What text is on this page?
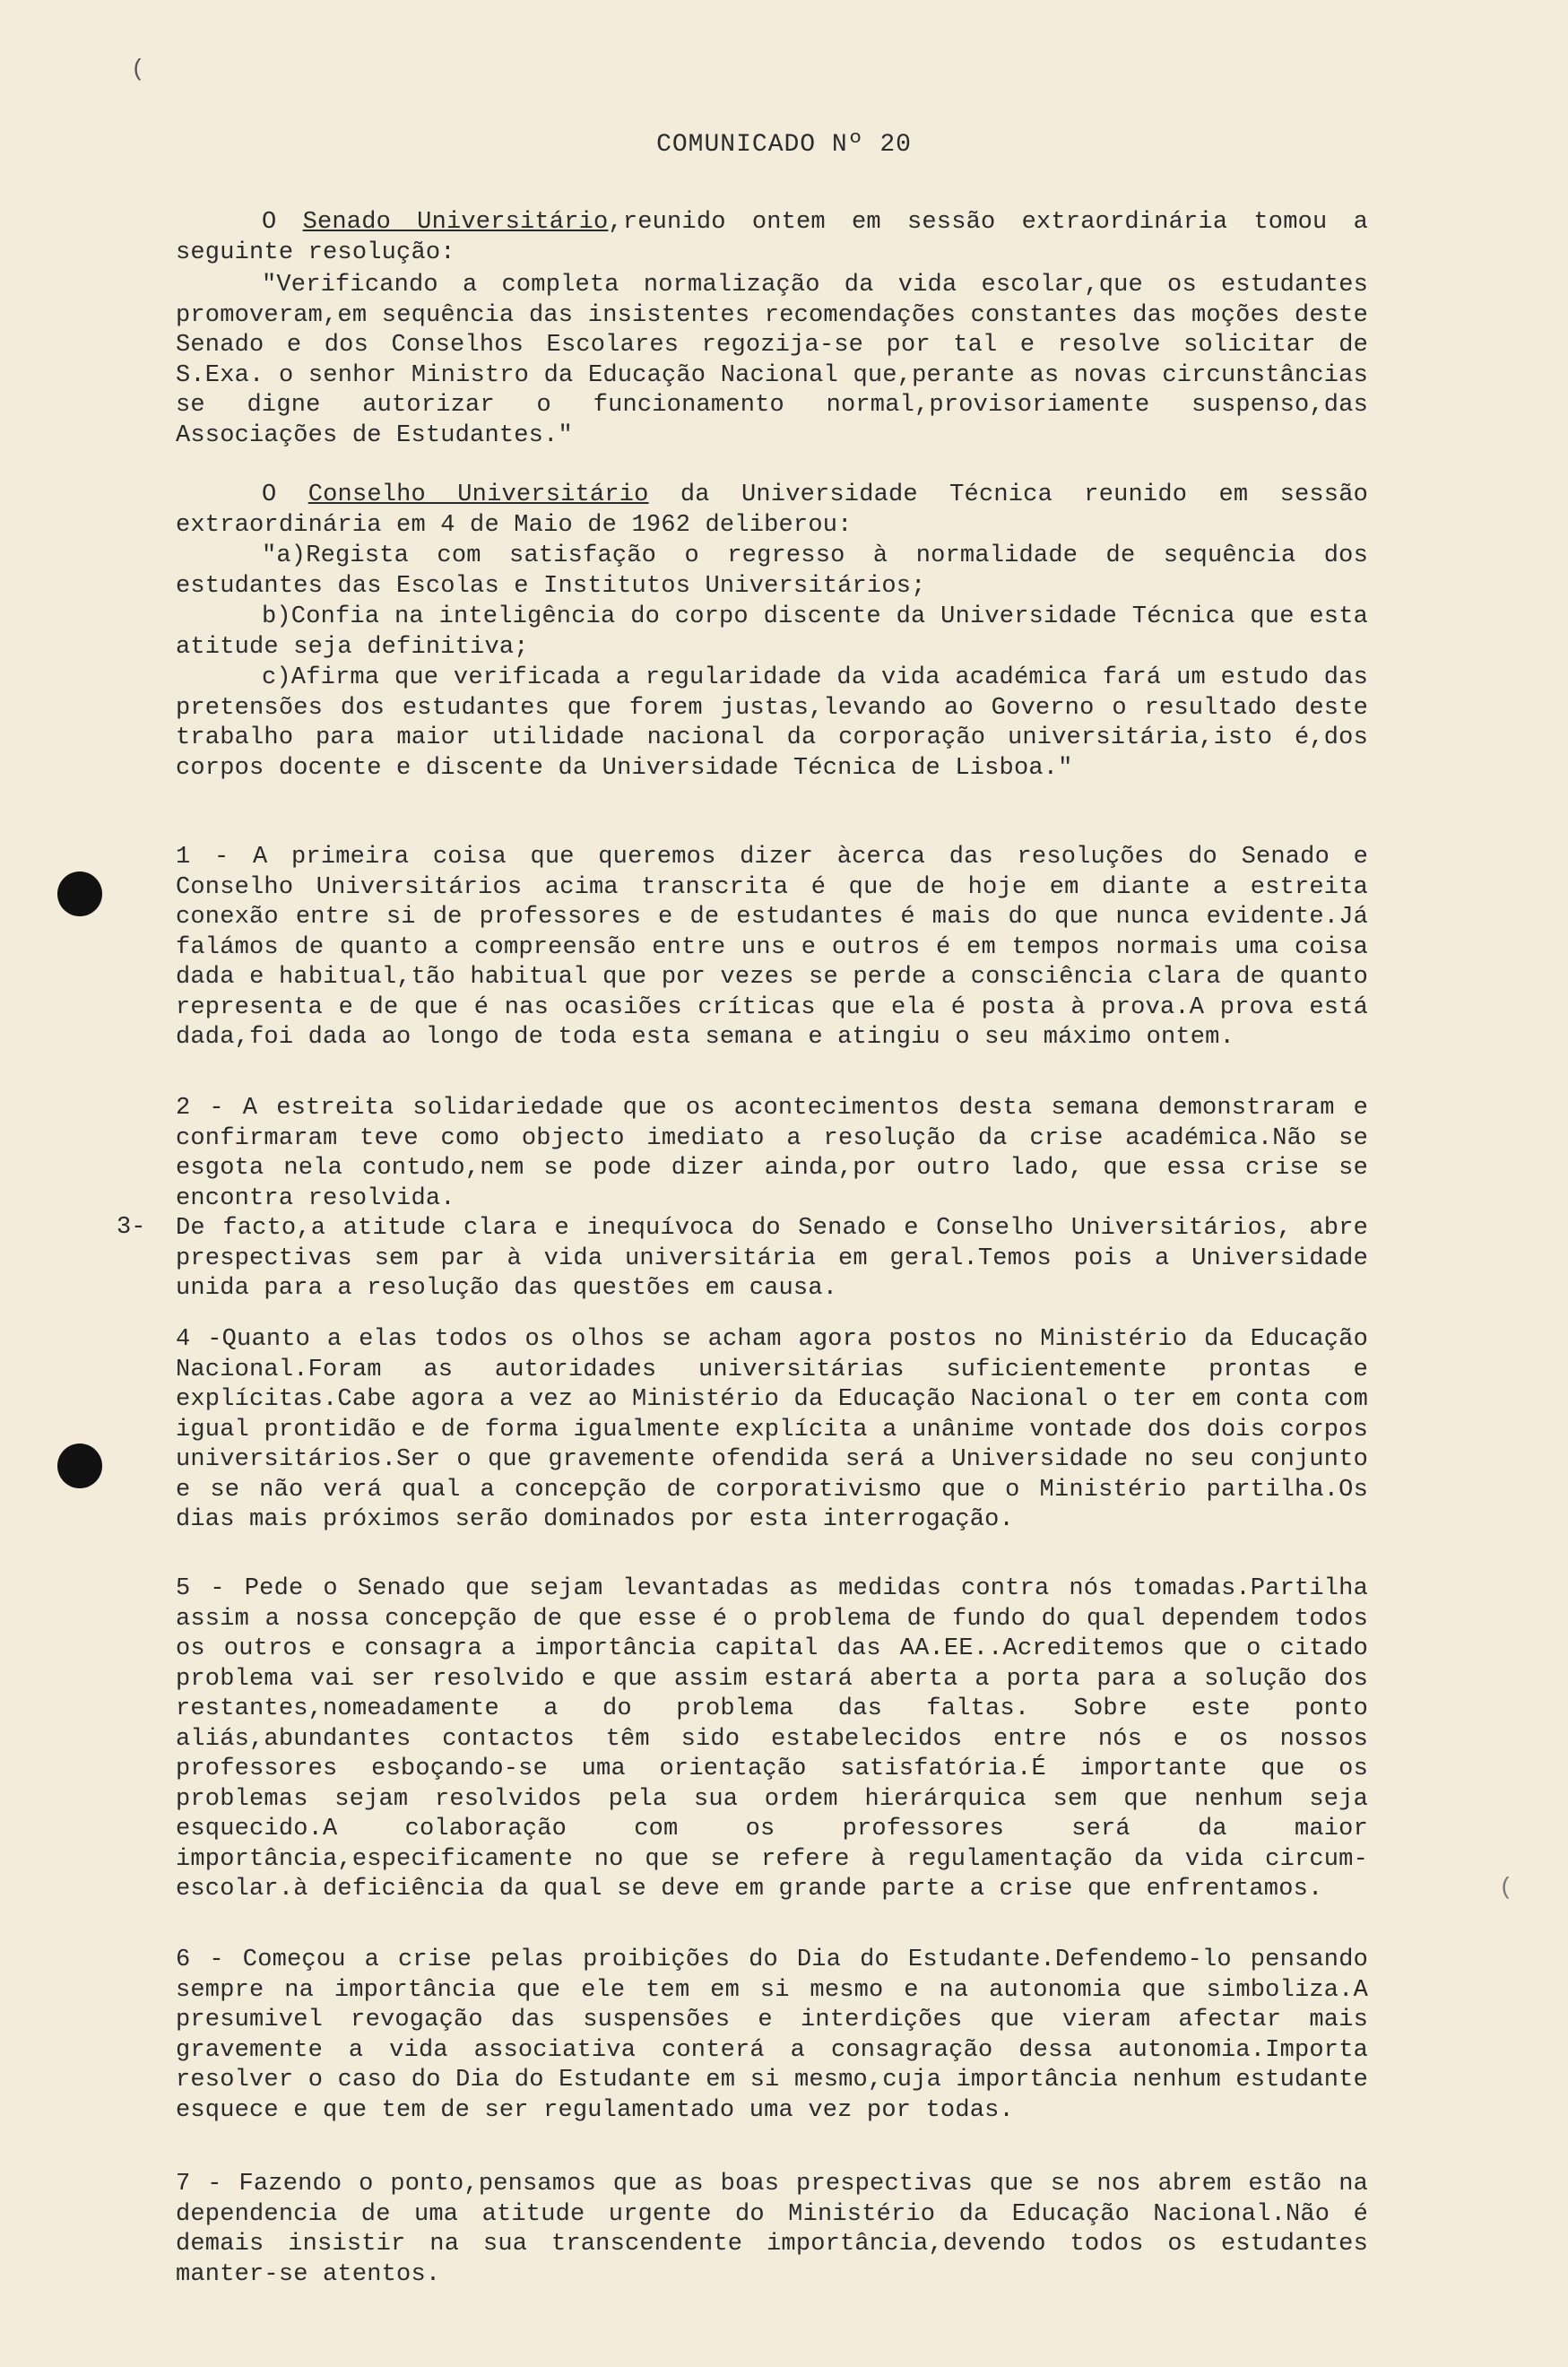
(
(
COMUNICADO Nº 20

O Senado Universitário,reunido ontem em sessão extraordinária tomou a seguinte resolução:

"Verificando a completa normalização da vida escolar,que os estudantes promoveram,em sequência das insistentes recomendações constantes das moções deste Senado e dos Conselhos Escolares regozija-se por tal e resolve solicitar de S.Exa. o senhor Ministro da Educação Nacional que,perante as novas circunstâncias se digne autorizar o funcionamento normal,provisoriamente suspenso,das Associações de Estudantes."

O Conselho Universitário da Universidade Técnica reunido em sessão extraordinária em 4 de Maio de 1962 deliberou:

"a)Regista com satisfação o regresso à normalidade de sequência dos estudantes das Escolas e Institutos Universitários;

b)Confia na inteligência do corpo discente da Universidade Técnica que esta atitude seja definitiva;

c)Afirma que verificada a regularidade da vida académica fará um estudo das pretensões dos estudantes que forem justas,levando ao Governo o resultado deste trabalho para maior utilidade nacional da corporação universitária,isto é,dos corpos docente e discente da Universidade Técnica de Lisboa."

1 - A primeira coisa que queremos dizer àcerca das resoluções do Senado e Conselho Universitários acima transcrita é que de hoje em diante a estreita conexão entre si de professores e de estudantes é mais do que nunca evidente.Já falámos de quanto a compreensão entre uns e outros é em tempos normais uma coisa dada e habitual,tão habitual que por vezes se perde a consciência clara de quanto representa e de que é nas ocasiões críticas que ela é posta à prova.A prova está dada,foi dada ao longo de toda esta semana e atingiu o seu máximo ontem.

2 - A estreita solidariedade que os acontecimentos desta semana demonstraram e confirmaram teve como objecto imediato a resolução da crise académica.Não se esgota nela contudo,nem se pode dizer ainda,por outro lado, que essa crise se encontra resolvida.

3- De facto,a atitude clara e inequívoca do Senado e Conselho Universitários, abre prespectivas sem par à vida universitária em geral.Temos pois a Universidade unida para a resolução das questões em causa.

4 -Quanto a elas todos os olhos se acham agora postos no Ministério da Educação Nacional.Foram as autoridades universitárias suficientemente prontas e explícitas.Cabe agora a vez ao Ministério da Educação Nacional o ter em conta com igual prontidão e de forma igualmente explícita a unânime vontade dos dois corpos universitários.Ser o que gravemente ofendida será a Universidade no seu conjunto e se não verá qual a concepção de corporativismo que o Ministério partilha.Os dias mais próximos serão dominados por esta interrogação.

5 - Pede o Senado que sejam levantadas as medidas contra nós tomadas.Partilha assim a nossa concepção de que esse é o problema de fundo do qual dependem todos os outros e consagra a importância capital das AA.EE..Acreditemos que o citado problema vai ser resolvido e que assim estará aberta a porta para a solução dos restantes,nomeadamente a do problema das faltas. Sobre este ponto aliás,abundantes contactos têm sido estabelecidos entre nós e os nossos professores esboçando-se uma orientação satisfatória.É importante que os problemas sejam resolvidos pela sua ordem hierárquica sem que nenhum seja esquecido.A colaboração com os professores será da maior importância,especificamente no que se refere à regulamentação da vida circum-escolar.à deficiência da qual se deve em grande parte a crise que enfrentamos.

6 - Começou a crise pelas proibições do Dia do Estudante.Defendemo-lo pensando sempre na importância que ele tem em si mesmo e na autonomia que simboliza.A presumivel revogação das suspensões e interdições que vieram afectar mais gravemente a vida associativa conterá a consagração dessa autonomia.Importa resolver o caso do Dia do Estudante em si mesmo,cuja importância nenhum estudante esquece e que tem de ser regulamentado uma vez por todas.

7 - Fazendo o ponto,pensamos que as boas prespectivas que se nos abrem estão na dependencia de uma atitude urgente do Ministério da Educação Nacional.Não é demais insistir na sua transcendente importância,devendo todos os estudantes manter-se atentos.
